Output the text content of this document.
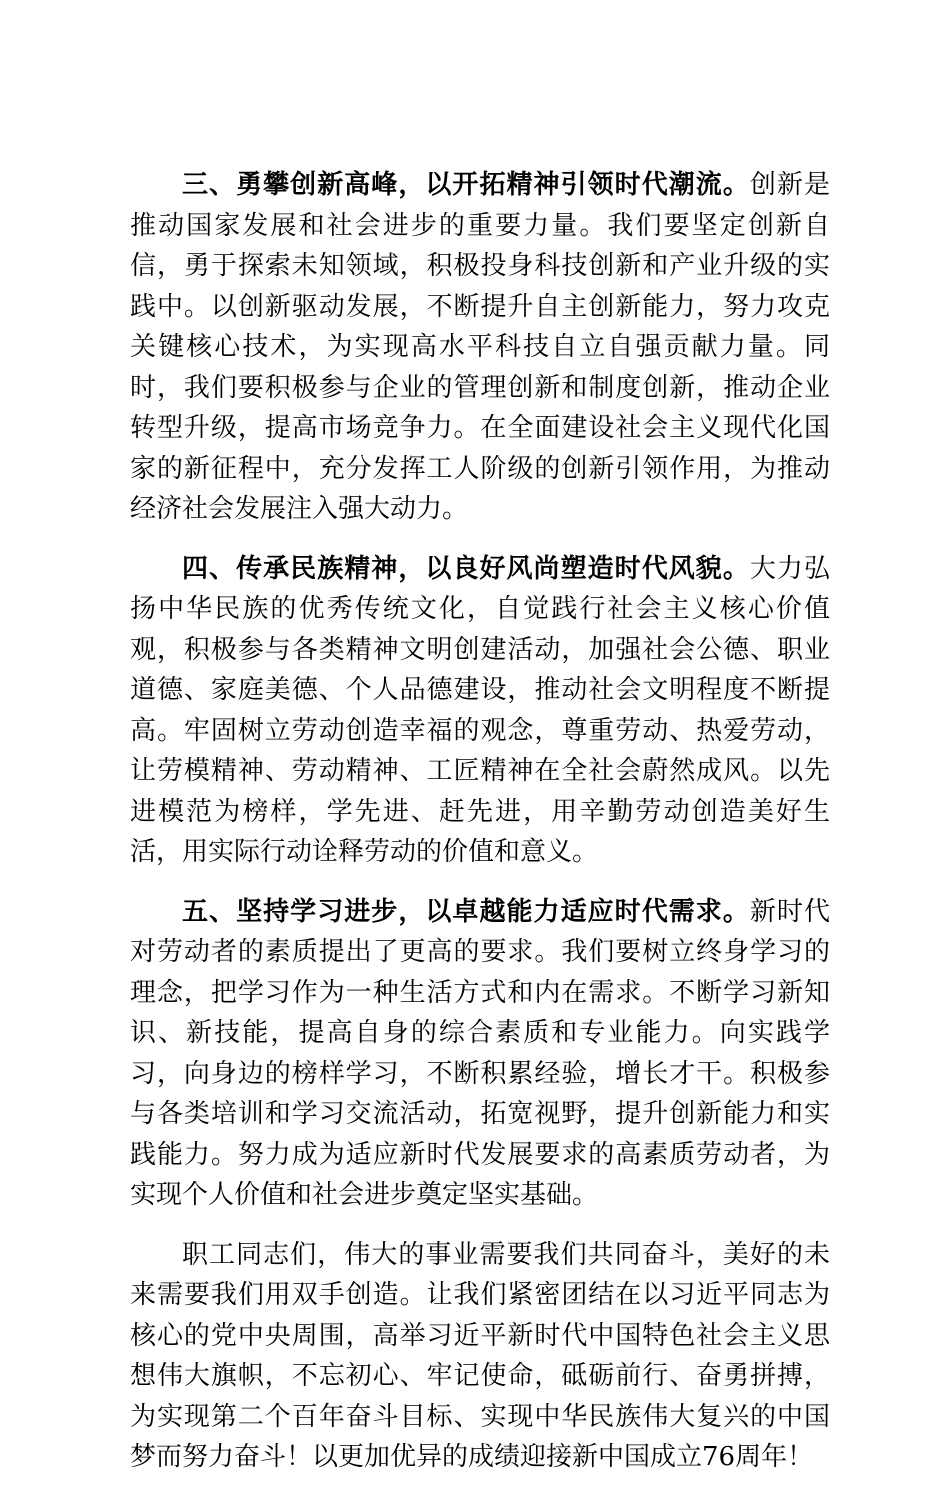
三、勇攀创新高峰，以开拓精神引领时代潮流。创新是推动国家发展和社会进步的重要力量。我们要坚定创新自信，勇于探索未知领域，积极投身科技创新和产业升级的实践中。以创新驱动发展，不断提升自主创新能力，努力攻克关键核心技术，为实现高水平科技自立自强贡献力量。同时，我们要积极参与企业的管理创新和制度创新，推动企业转型升级，提高市场竞争力。在全面建设社会主义现代化国家的新征程中，充分发挥工人阶级的创新引领作用，为推动经济社会发展注入强大动力。

四、传承民族精神，以良好风尚塑造时代风貌。大力弘扬中华民族的优秀传统文化，自觉践行社会主义核心价值观，积极参与各类精神文明创建活动，加强社会公德、职业道德、家庭美德、个人品德建设，推动社会文明程度不断提高。牢固树立劳动创造幸福的观念，尊重劳动、热爱劳动，让劳模精神、劳动精神、工匠精神在全社会蔚然成风。以先进模范为榜样，学先进、赶先进，用辛勤劳动创造美好生活，用实际行动诠释劳动的价值和意义。

五、坚持学习进步，以卓越能力适应时代需求。新时代对劳动者的素质提出了更高的要求。我们要树立终身学习的理念，把学习作为一种生活方式和内在需求。不断学习新知识、新技能，提高自身的综合素质和专业能力。向实践学习，向身边的榜样学习，不断积累经验，增长才干。积极参与各类培训和学习交流活动，拓宽视野，提升创新能力和实践能力。努力成为适应新时代发展要求的高素质劳动者，为实现个人价值和社会进步奠定坚实基础。

职工同志们，伟大的事业需要我们共同奋斗，美好的未来需要我们用双手创造。让我们紧密团结在以习近平同志为核心的党中央周围，高举习近平新时代中国特色社会主义思想伟大旗帜，不忘初心、牢记使命，砥砺前行、奋勇拼搏，为实现第二个百年奋斗目标、实现中华民族伟大复兴的中国梦而努力奋斗！以更加优异的成绩迎接新中国成立76周年！
